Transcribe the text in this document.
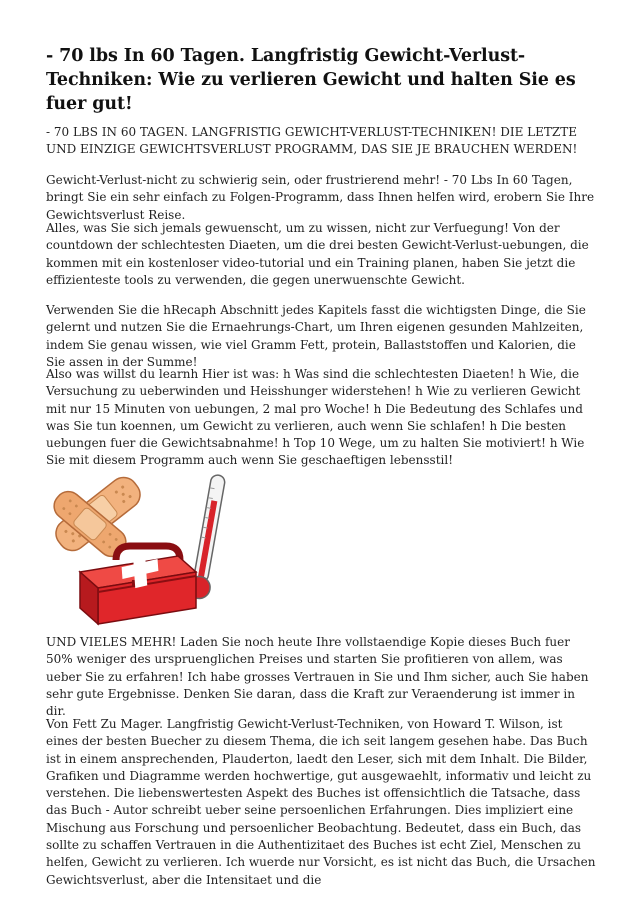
- 70 lbs In 60 Tagen. Langfristig Gewicht-Verlust-Techniken: Wie zu verlieren Gewicht und halten Sie es fuer gut!

- 70 LBS IN 60 TAGEN. LANGFRISTIG GEWICHT-VERLUST-TECHNIKEN! DIE LETZTE UND EINZIGE GEWICHTSVERLUST PROGRAMM, DAS SIE JE BRAUCHEN WERDEN!

Gewicht-Verlust-nicht zu schwierig sein, oder frustrierend mehr! - 70 Lbs In 60 Tagen, bringt Sie ein sehr einfach zu Folgen-Programm, dass Ihnen helfen wird, erobern Sie Ihre Gewichtsverlust Reise.

Alles, was Sie sich jemals gewuenscht, um zu wissen, nicht zur Verfuegung! Von der countdown der schlechtesten Diaeten, um die drei besten Gewicht-Verlust-uebungen, die kommen mit ein kostenloser video-tutorial und ein Training planen, haben Sie jetzt die effizienteste tools zu verwenden, die gegen unerwuenschte Gewicht.

Verwenden Sie die hRecaph Abschnitt jedes Kapitels fasst die wichtigsten Dinge, die Sie gelernt und nutzen Sie die Ernaehrungs-Chart, um Ihren eigenen gesunden Mahlzeiten, indem Sie genau wissen, wie viel Gramm Fett, protein, Ballaststoffen und Kalorien, die Sie assen in der Summe!

Also was willst du learnh Hier ist was: h Was sind die schlechtesten Diaeten! h Wie, die Versuchung zu ueberwinden und Heisshunger widerstehen! h Wie zu verlieren Gewicht mit nur 15 Minuten von uebungen, 2 mal pro Woche! h Die Bedeutung des Schlafes und was Sie tun koennen, um Gewicht zu verlieren, auch wenn Sie schlafen! h Die besten uebungen fuer die Gewichtsabnahme! h Top 10 Wege, um zu halten Sie motiviert! h Wie Sie mit diesem Programm auch wenn Sie geschaeftigen lebensstil!

UND VIELES MEHR! Laden Sie noch heute Ihre vollstaendige Kopie dieses Buch fuer 50% weniger des urspruenglichen Preises und starten Sie profitieren von allem, was ueber Sie zu erfahren! Ich habe grosses Vertrauen in Sie und Ihm sicher, auch Sie haben sehr gute Ergebnisse. Denken Sie daran, dass die Kraft zur Veraenderung ist immer in dir.

Von Fett Zu Mager. Langfristig Gewicht-Verlust-Techniken, von Howard T. Wilson, ist eines der besten Buecher zu diesem Thema, die ich seit langem gesehen habe. Das Buch ist in einem ansprechenden, Plauderton, laedt den Leser, sich mit dem Inhalt. Die Bilder, Grafiken und Diagramme werden hochwertige, gut ausgewaehlt, informativ und leicht zu verstehen. Die liebenswertesten Aspekt des Buches ist offensichtlich die Tatsache, dass das Buch - Autor schreibt ueber seine persoenlichen Erfahrungen. Dies impliziert eine Mischung aus Forschung und persoenlicher Beobachtung. Bedeutet, dass ein Buch, das sollte zu schaffen Vertrauen in die Authentizitaet des Buches ist echt Ziel, Menschen zu helfen, Gewicht zu verlieren. Ich wuerde nur Vorsicht, es ist nicht das Buch, die Ursachen Gewichtsverlust, aber die Intensitaet und die
